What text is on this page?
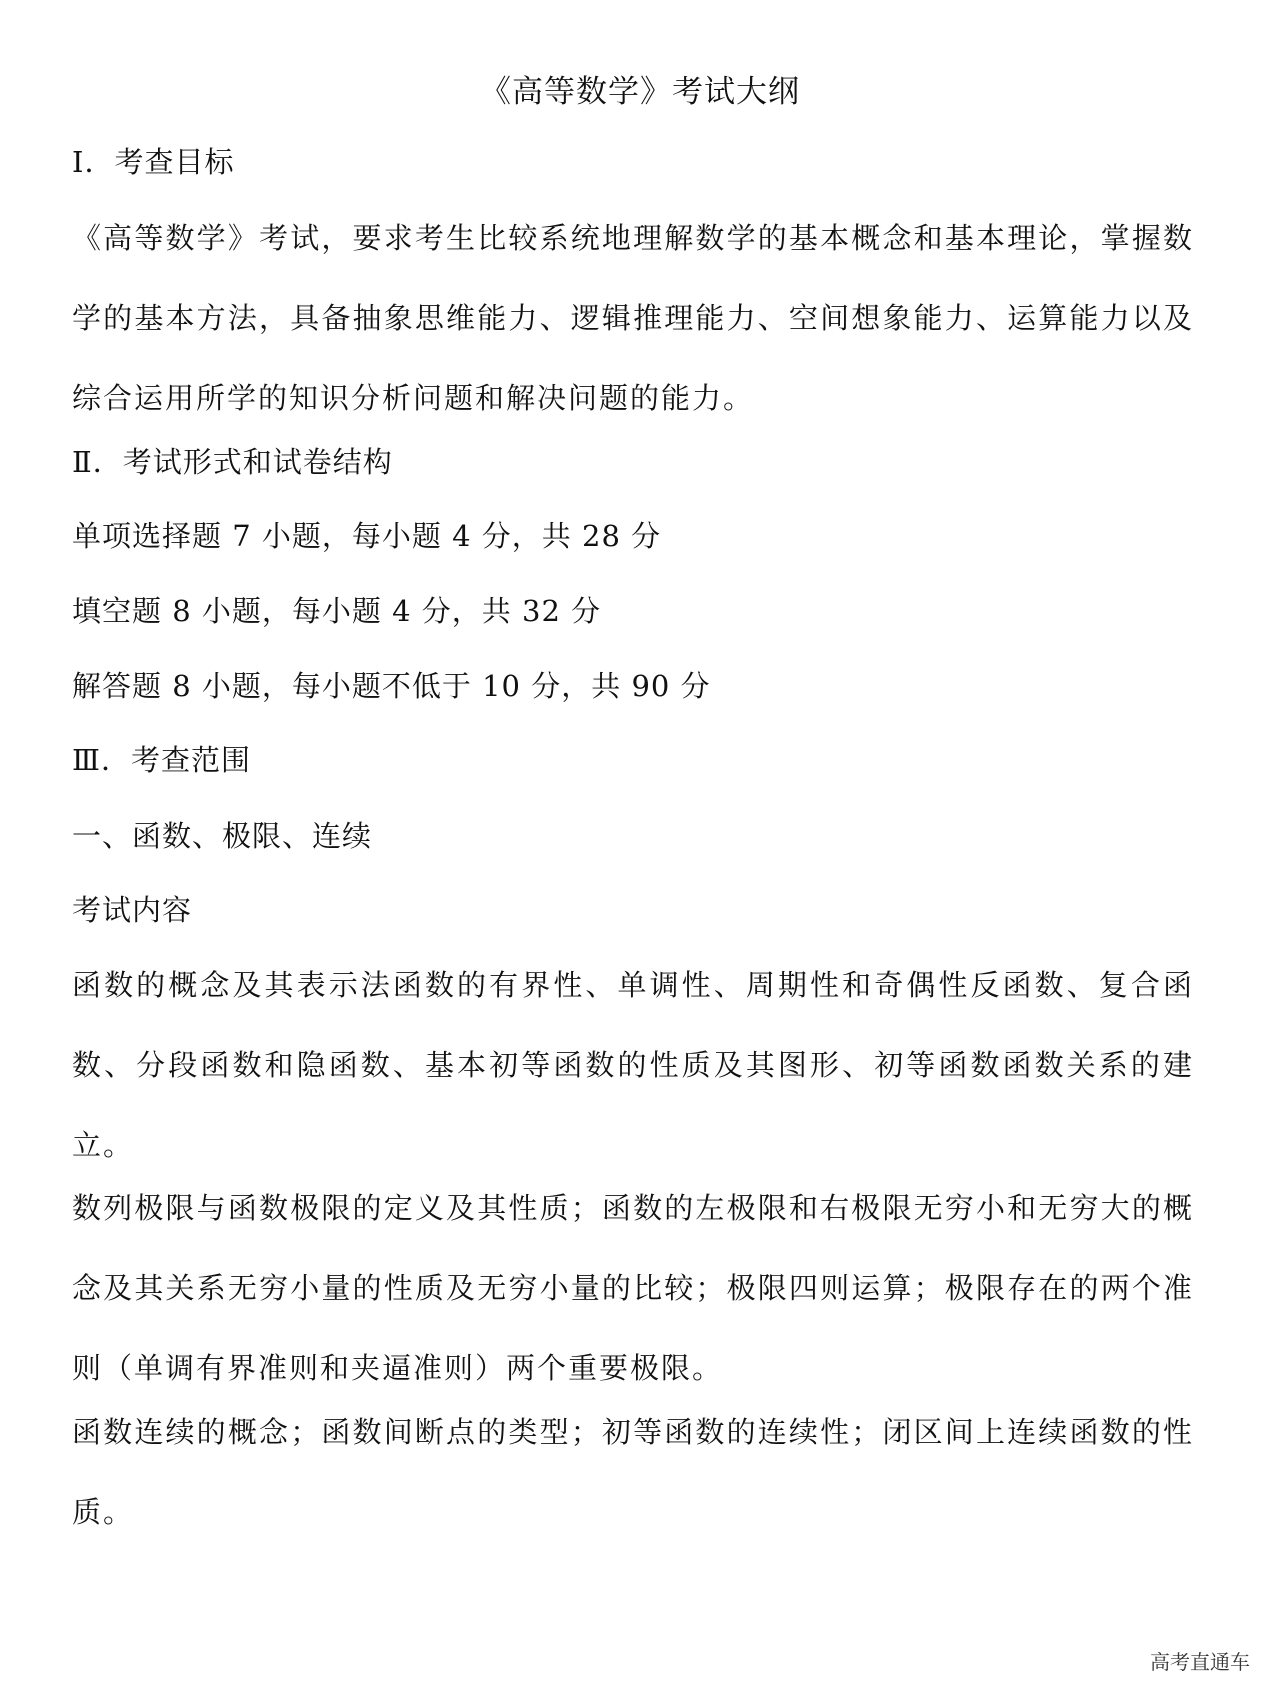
《高等数学》考试大纲
Ⅰ．考查目标
《高等数学》考试，要求考生比较系统地理解数学的基本概念和基本理论，掌握数学的基本方法，具备抽象思维能力、逻辑推理能力、空间想象能力、运算能力以及综合运用所学的知识分析问题和解决问题的能力。
Ⅱ．考试形式和试卷结构
单项选择题 7 小题，每小题 4 分，共 28 分
填空题 8 小题，每小题 4 分，共 32 分
解答题 8 小题，每小题不低于 10 分，共 90 分
Ⅲ．考查范围
一、函数、极限、连续
考试内容
函数的概念及其表示法函数的有界性、单调性、周期性和奇偶性反函数、复合函数、分段函数和隐函数、基本初等函数的性质及其图形、初等函数函数关系的建立。
数列极限与函数极限的定义及其性质；函数的左极限和右极限无穷小和无穷大的概念及其关系无穷小量的性质及无穷小量的比较；极限四则运算；极限存在的两个准则（单调有界准则和夹逼准则）两个重要极限。
函数连续的概念；函数间断点的类型；初等函数的连续性；闭区间上连续函数的性质。
高考直通车
